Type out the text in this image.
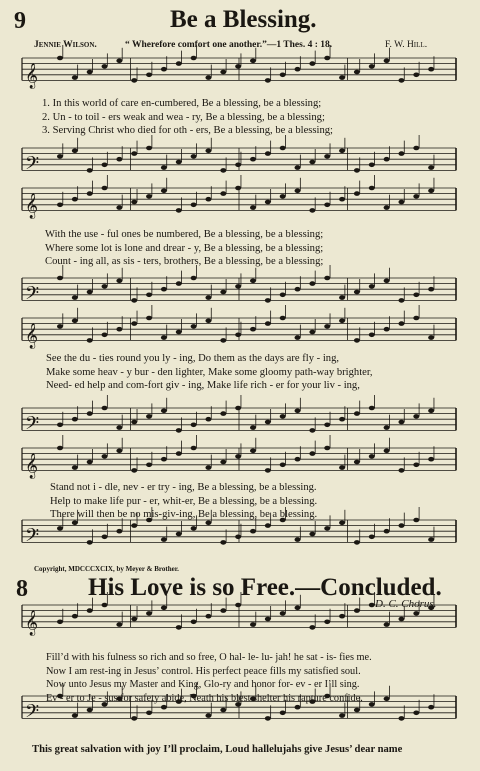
9	Be a Blessing.
Jennie Wilson.	“ Wherefore comfort one another.”—1 Thes. 4 : 18.	F. W. Hill.
𝄞
𝄢
𝄞
𝄢
𝄞
𝄢
𝄞
𝄢
𝄞
𝄢
1. In this world of care en-cumbered, Be a blessing, be a blessing;
2. Un - to toil - ers weak and wea - ry, Be a blessing, be a blessing;
3. Serving Christ who died for oth - ers, Be a blessing, be a blessing;
With the use - ful ones be numbered, Be a blessing, be a blessing;
Where some lot is lone and drear - y, Be a blessing, be a blessing;
Count - ing all, as sis - ters, brothers, Be a blessing, be a blessing;
See the du - ties round you ly - ing, Do them as the days are fly - ing,
Make some heav - y bur - den lighter, Make some gloomy path-way brighter,
Need- ed help and com-fort giv - ing, Make life rich - er for your liv - ing,
Stand not i - dle, nev - er try - ing, Be a blessing, be a blessing.
Help to make life pur - er, whit-er, Be a blessing, be a blessing.
There will then be no mis-giv-ing, Be a blessing, be a blessing.
Copyright, MDCCCXCIX, by Meyer & Brother.
8 His Love is so Free.—Concluded.
D. C. Chorus.
Fill’d with his fulness so rich and so free, O hal- le- lu- jah! he sat - is- fies me.
Now I am rest-ing in Jesus’ control. His perfect peace fills my satisfied soul.
Now unto Jesus my Master and King, Glo-ry and honor for- ev - er I’ll sing.
Ev - er to Je - sus for safety abide, Neath his blest shelter his rapture confide.
This great salvation with joy I’ll proclaim, Loud hallelujahs give Jesus’ dear name
